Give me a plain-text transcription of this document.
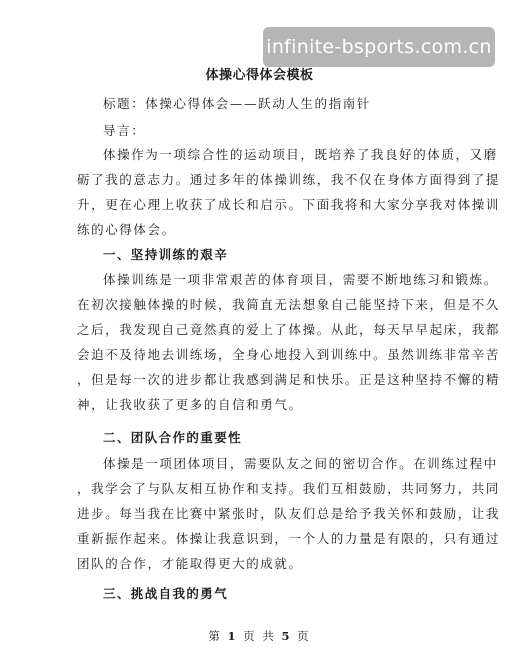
infinite-bsports.com.cn
体操心得体会模板
标题：体操心得体会——跃动人生的指南针
导言：
体操作为一项综合性的运动项目，既培养了我良好的体质，又磨
砺了我的意志力。通过多年的体操训练，我不仅在身体方面得到了提
升，更在心理上收获了成长和启示。下面我将和大家分享我对体操训
练的心得体会。
一、坚持训练的艰辛
体操训练是一项非常艰苦的体育项目，需要不断地练习和锻炼。
在初次接触体操的时候，我简直无法想象自己能坚持下来，但是不久
之后，我发现自己竟然真的爱上了体操。从此，每天早早起床，我都
会迫不及待地去训练场，全身心地投入到训练中。虽然训练非常辛苦
，但是每一次的进步都让我感到满足和快乐。正是这种坚持不懈的精
神，让我收获了更多的自信和勇气。
二、团队合作的重要性
体操是一项团体项目，需要队友之间的密切合作。在训练过程中
，我学会了与队友相互协作和支持。我们互相鼓励，共同努力，共同
进步。每当我在比赛中紧张时，队友们总是给予我关怀和鼓励，让我
重新振作起来。体操让我意识到，一个人的力量是有限的，只有通过
团队的合作，才能取得更大的成就。
三、挑战自我的勇气
第 1 页 共 5 页
